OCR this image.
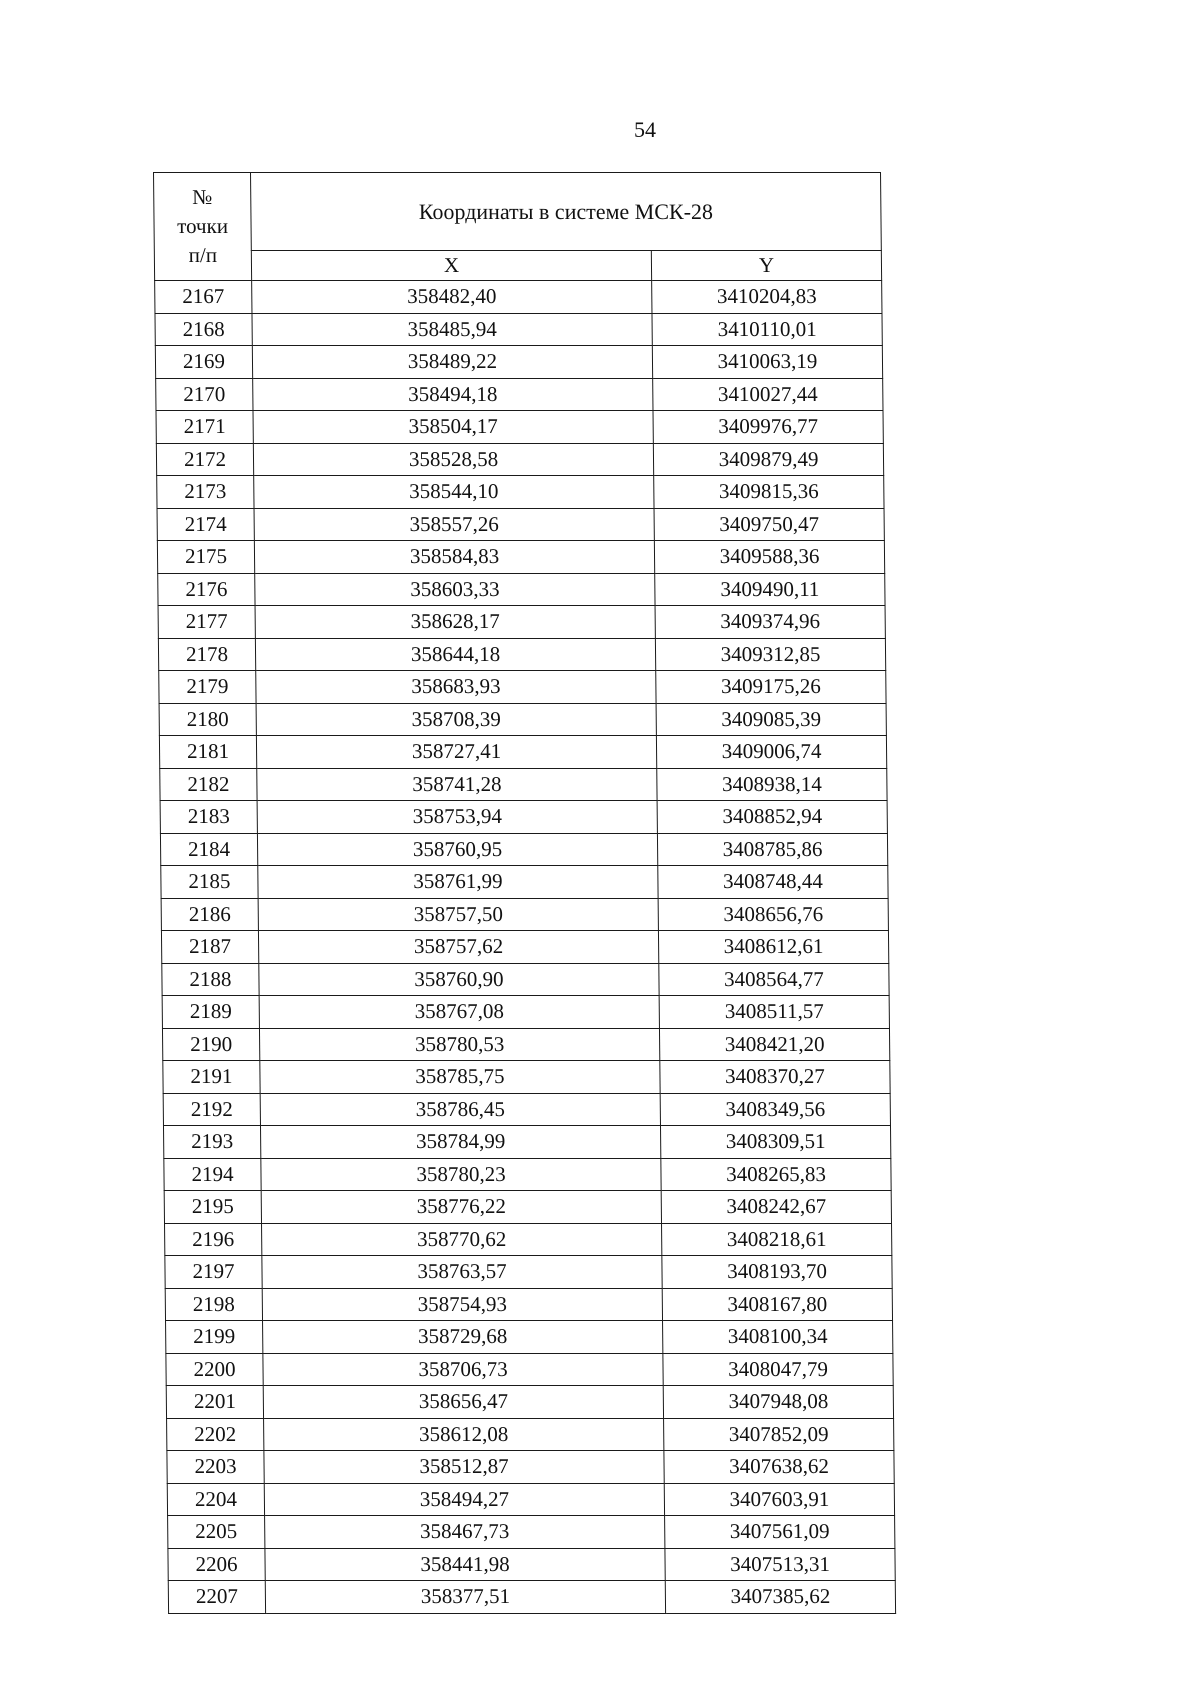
54
№
точки
п/п	Координаты в системе МСК-28	
	X	Y
2167	358482,40	3410204,83
2168	358485,94	3410110,01
2169	358489,22	3410063,19
2170	358494,18	3410027,44
2171	358504,17	3409976,77
2172	358528,58	3409879,49
2173	358544,10	3409815,36
2174	358557,26	3409750,47
2175	358584,83	3409588,36
2176	358603,33	3409490,11
2177	358628,17	3409374,96
2178	358644,18	3409312,85
2179	358683,93	3409175,26
2180	358708,39	3409085,39
2181	358727,41	3409006,74
2182	358741,28	3408938,14
2183	358753,94	3408852,94
2184	358760,95	3408785,86
2185	358761,99	3408748,44
2186	358757,50	3408656,76
2187	358757,62	3408612,61
2188	358760,90	3408564,77
2189	358767,08	3408511,57
2190	358780,53	3408421,20
2191	358785,75	3408370,27
2192	358786,45	3408349,56
2193	358784,99	3408309,51
2194	358780,23	3408265,83
2195	358776,22	3408242,67
2196	358770,62	3408218,61
2197	358763,57	3408193,70
2198	358754,93	3408167,80
2199	358729,68	3408100,34
2200	358706,73	3408047,79
2201	358656,47	3407948,08
2202	358612,08	3407852,09
2203	358512,87	3407638,62
2204	358494,27	3407603,91
2205	358467,73	3407561,09
2206	358441,98	3407513,31
2207	358377,51	3407385,62
